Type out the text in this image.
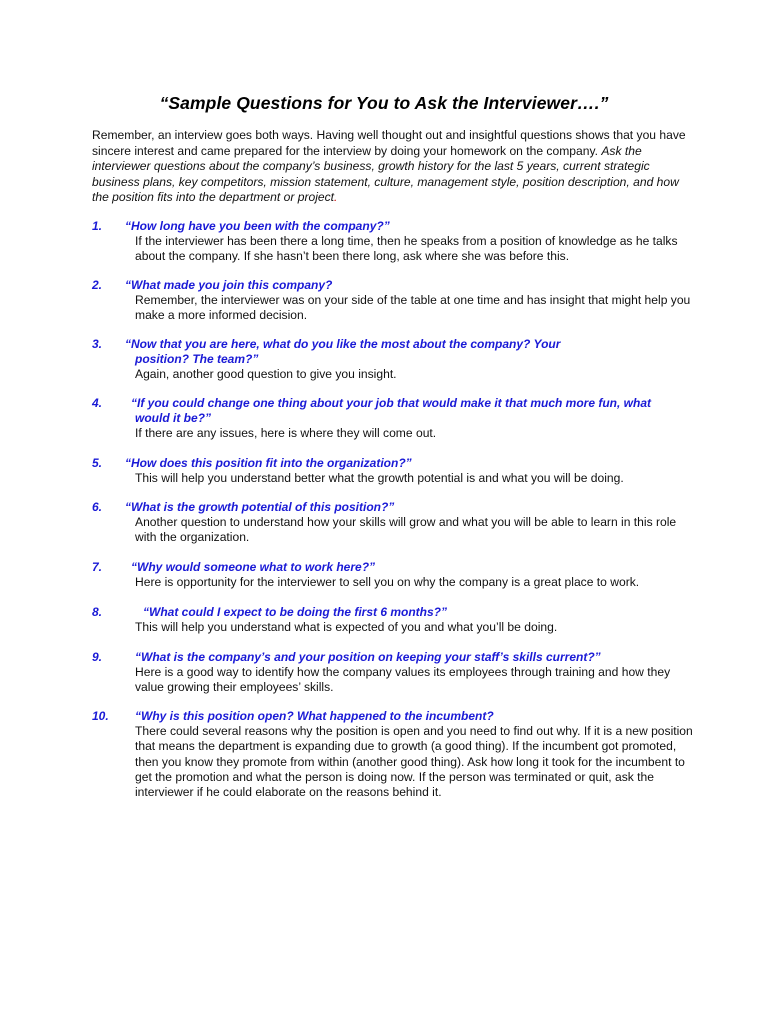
“Sample Questions for You to Ask the Interviewer….”
Remember, an interview goes both ways. Having well thought out and insightful questions shows that you have sincere interest and came prepared for the interview by doing your homework on the company. Ask the interviewer questions about the company’s business, growth history for the last 5 years, current strategic business plans, key competitors, mission statement, culture, management style, position description, and how the position fits into the department or project.
1. “How long have you been with the company?”
If the interviewer has been there a long time, then he speaks from a position of knowledge as he talks about the company. If she hasn’t been there long, ask where she was before this.
2. “What made you join this company?
Remember, the interviewer was on your side of the table at one time and has insight that might help you make a more informed decision.
3. “Now that you are here, what do you like the most about the company? Your
position? The team?”
Again, another good question to give you insight.
4. “If you could change one thing about your job that would make it that much more fun, what
would it be?”
If there are any issues, here is where they will come out.
5. “How does this position fit into the organization?”
This will help you understand better what the growth potential is and what you will be doing.
6. “What is the growth potential of this position?”
Another question to understand how your skills will grow and what you will be able to learn in this role with the organization.
7. “Why would someone what to work here?”
Here is opportunity for the interviewer to sell you on why the company is a great place to work.
8.	“What could I expect to be doing the first 6 months?”
This will help you understand what is expected of you and what you’ll be doing.
9.	“What is the company’s and your position on keeping your staff’s skills current?”
Here is a good way to identify how the company values its employees through training and how they value growing their employees’ skills.
10. “Why is this position open? What happened to the incumbent?
There could several reasons why the position is open and you need to find out why. If it is a new position that means the department is expanding due to growth (a good thing). If the incumbent got promoted, then you know they promote from within (another good thing). Ask how long it took for the incumbent to get the promotion and what the person is doing now. If the person was terminated or quit, ask the interviewer if he could elaborate on the reasons behind it.
